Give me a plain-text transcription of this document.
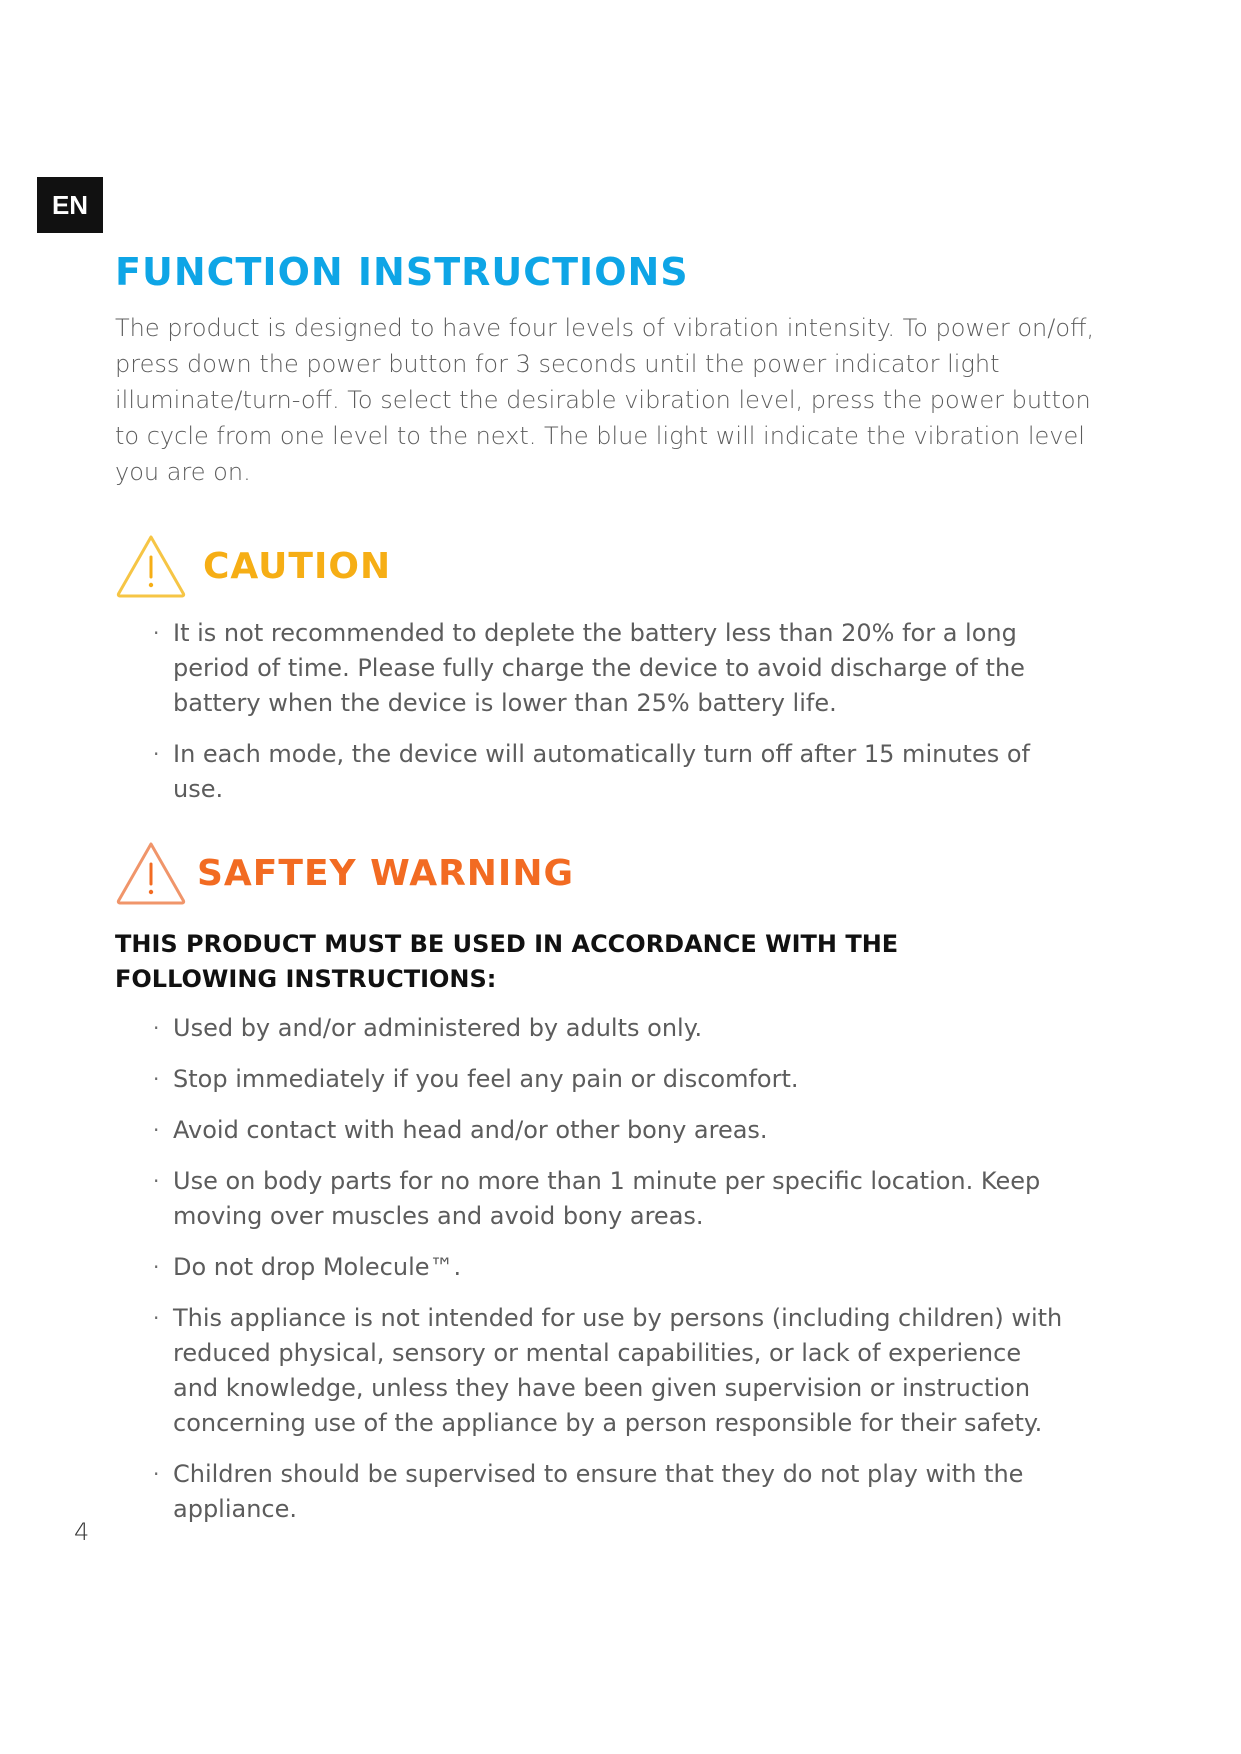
EN
FUNCTION INSTRUCTIONS

The product is designed to have four levels of vibration intensity. To power on/off, press down the power button for 3 seconds until the power indicator light illuminate/turn-off. To select the desirable vibration level, press the power button to cycle from one level to the next. The blue light will indicate the vibration level you are on.

CAUTION
· It is not recommended to deplete the battery less than 20% for a long period of time. Please fully charge the device to avoid discharge of the battery when the device is lower than 25% battery life.
· In each mode, the device will automatically turn off after 15 minutes of use.
SAFTEY WARNING

THIS PRODUCT MUST BE USED IN ACCORDANCE WITH THE FOLLOWING INSTRUCTIONS:

· Used by and/or administered by adults only.
· Stop immediately if you feel any pain or discomfort.
· Avoid contact with head and/or other bony areas.
· Use on body parts for no more than 1 minute per specific location. Keep moving over muscles and avoid bony areas.
· Do not drop Molecule™.
· This appliance is not intended for use by persons (including children) with reduced physical, sensory or mental capabilities, or lack of experience and knowledge, unless they have been given supervision or instruction concerning use of the appliance by a person responsible for their safety.
· Children should be supervised to ensure that they do not play with the appliance.
4
